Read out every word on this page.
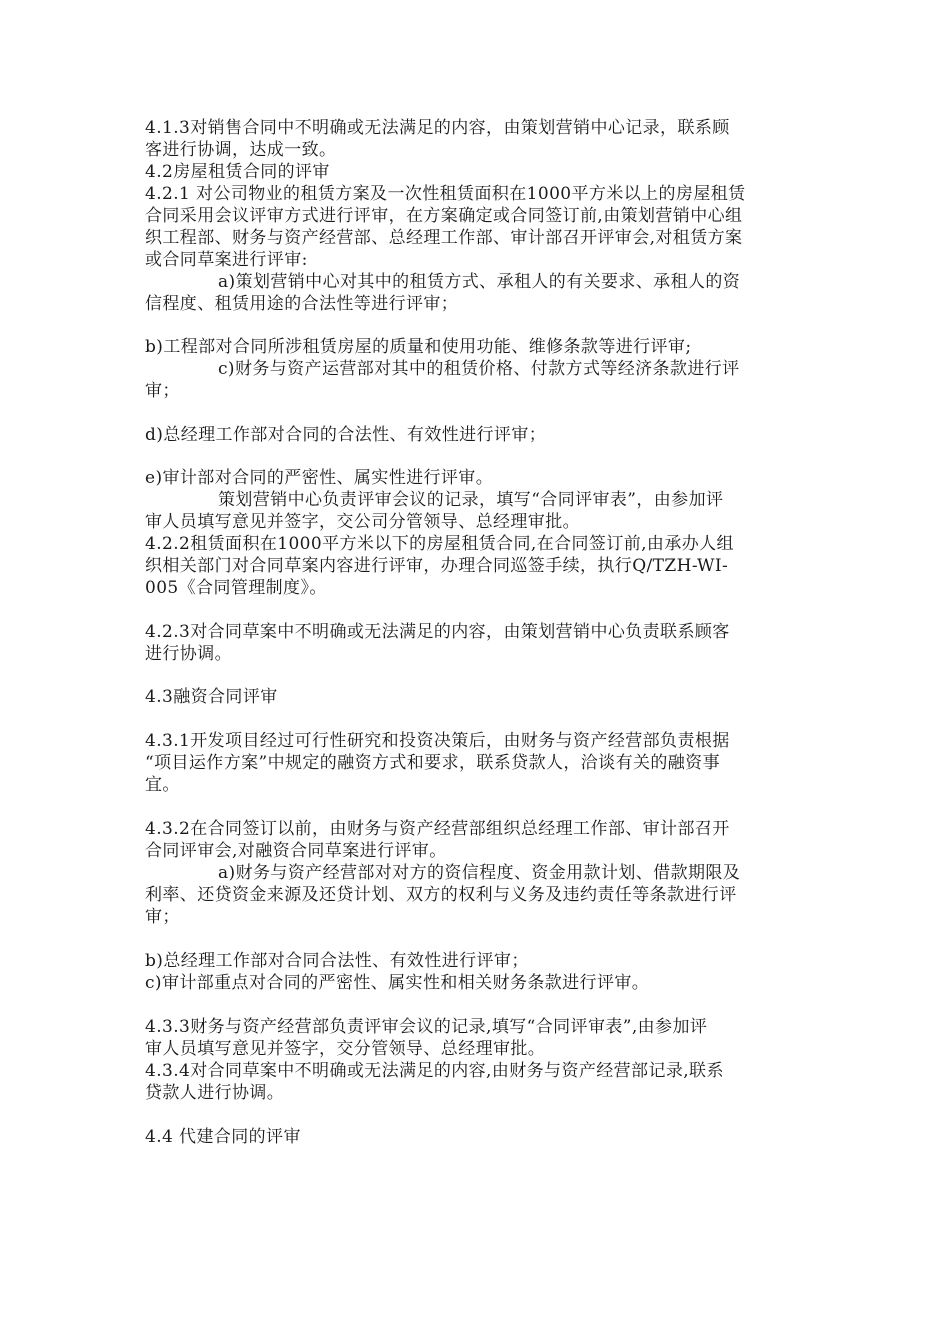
4.1.3对销售合同中不明确或无法满足的内容，由策划营销中心记录，联系顾
客进行协调，达成一致。
4.2房屋租赁合同的评审
4.2.1 对公司物业的租赁方案及一次性租赁面积在1000平方米以上的房屋租赁
合同采用会议评审方式进行评审，在方案确定或合同签订前,由策划营销中心组
织工程部、财务与资产经营部、总经理工作部、审计部召开评审会,对租赁方案
或合同草案进行评审:
a)策划营销中心对其中的租赁方式、承租人的有关要求、承租人的资
信程度、租赁用途的合法性等进行评审；
b)工程部对合同所涉租赁房屋的质量和使用功能、维修条款等进行评审;
c)财务与资产运营部对其中的租赁价格、付款方式等经济条款进行评
审；
d)总经理工作部对合同的合法性、有效性进行评审；
e)审计部对合同的严密性、属实性进行评审。
策划营销中心负责评审会议的记录，填写“合同评审表”，由参加评
审人员填写意见并签字，交公司分管领导、总经理审批。
4.2.2租赁面积在1000平方米以下的房屋租赁合同,在合同签订前,由承办人组
织相关部门对合同草案内容进行评审，办理合同巡签手续，执行Q/TZH-WI-
005《合同管理制度》。
4.2.3对合同草案中不明确或无法满足的内容，由策划营销中心负责联系顾客
进行协调。
4.3融资合同评审
4.3.1开发项目经过可行性研究和投资决策后，由财务与资产经营部负责根据
“项目运作方案”中规定的融资方式和要求，联系贷款人，洽谈有关的融资事
宜。
4.3.2在合同签订以前，由财务与资产经营部组织总经理工作部、审计部召开
合同评审会,对融资合同草案进行评审。
a)财务与资产经营部对对方的资信程度、资金用款计划、借款期限及
利率、还贷资金来源及还贷计划、双方的权利与义务及违约责任等条款进行评
审；
b)总经理工作部对合同合法性、有效性进行评审；
c)审计部重点对合同的严密性、属实性和相关财务条款进行评审。
4.3.3财务与资产经营部负责评审会议的记录,填写“合同评审表”,由参加评
审人员填写意见并签字，交分管领导、总经理审批。
4.3.4对合同草案中不明确或无法满足的内容,由财务与资产经营部记录,联系
贷款人进行协调。
4.4 代建合同的评审
